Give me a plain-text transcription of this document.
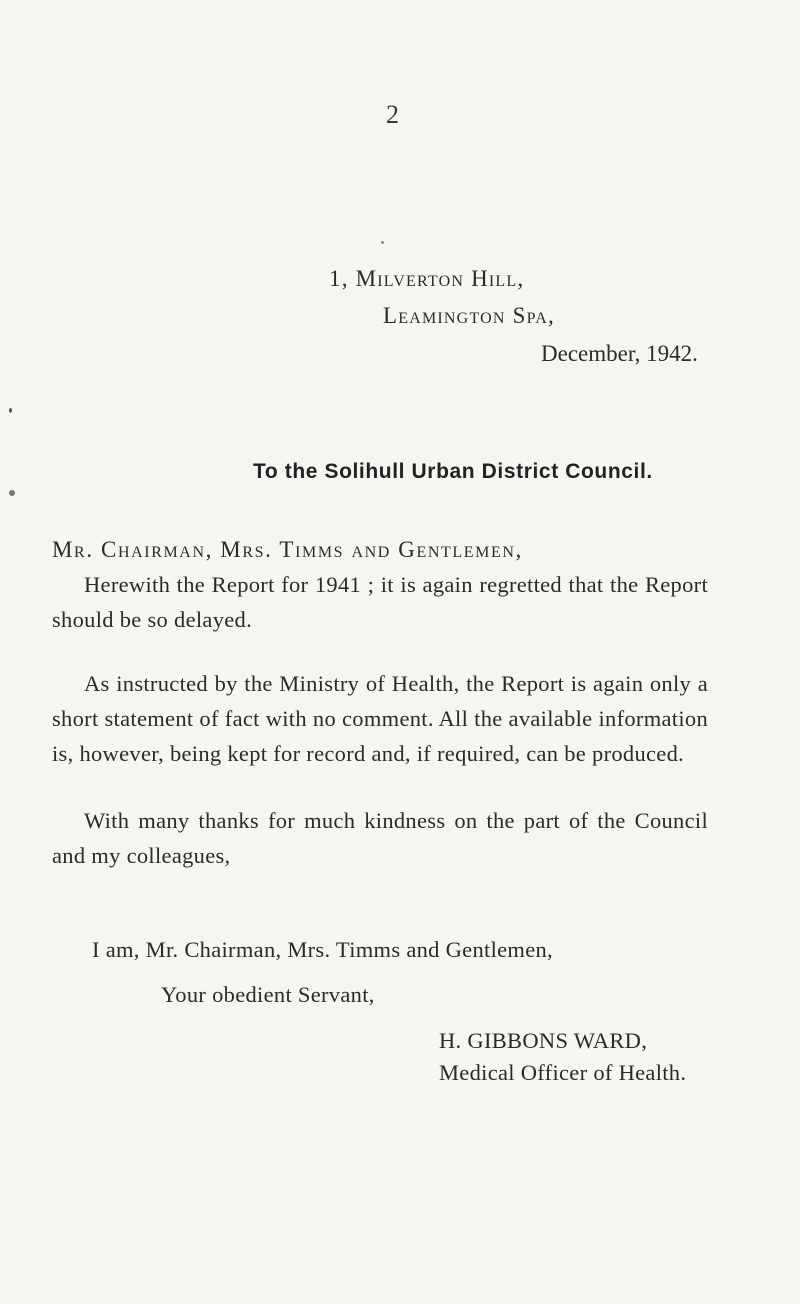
2
1, Milverton Hill,
Leamington Spa,
December, 1942.
To the Solihull Urban District Council.
Mr. Chairman, Mrs. Timms and Gentlemen,

Herewith the Report for 1941 ; it is again regretted that the Report should be so delayed.

As instructed by the Ministry of Health, the Report is again only a short statement of fact with no comment. All the available information is, however, being kept for record and, if required, can be produced.

With many thanks for much kindness on the part of the Council and my colleagues,

I am, Mr. Chairman, Mrs. Timms and Gentlemen,
Your obedient Servant,
H. GIBBONS WARD,
Medical Officer of Health.
